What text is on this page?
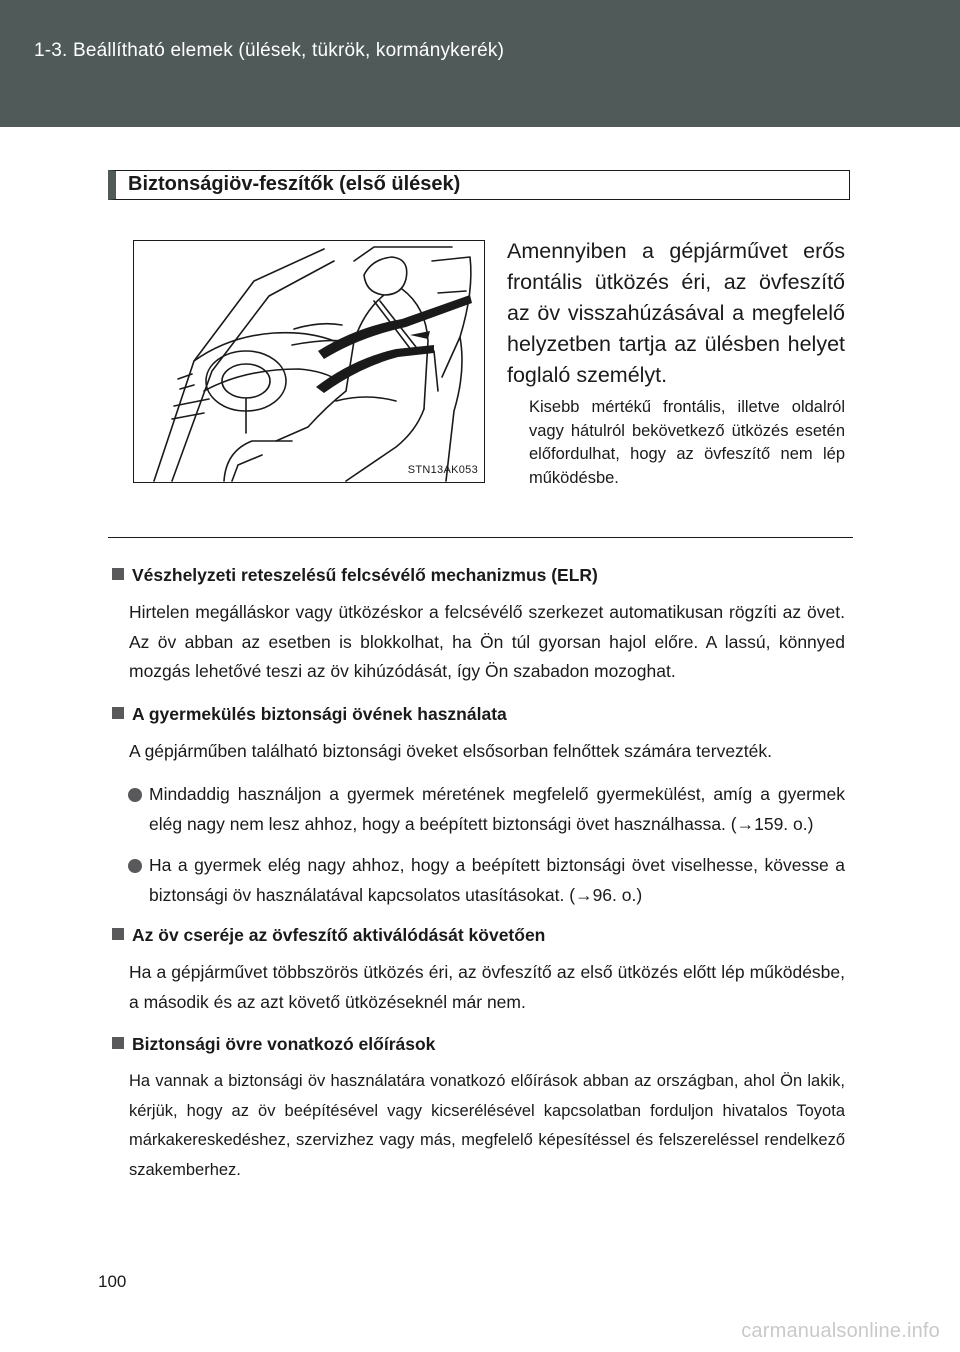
1-3. Beállítható elemek (ülések, tükrök, kormánykerék)
Biztonságiöv-feszítők (első ülések)
STN13AK053
Amennyiben a gépjárművet erős frontális ütközés éri, az övfeszítő az öv visszahúzásával a megfelelő helyzetben tartja az ülésben helyet foglaló személyt.
Kisebb mértékű frontális, illetve oldalról vagy hátulról bekövetkező ütközés esetén előfordulhat, hogy az övfeszítő nem lép működésbe.
Vészhelyzeti reteszelésű felcsévélő mechanizmus (ELR)
Hirtelen megálláskor vagy ütközéskor a felcsévélő szerkezet automatikusan rögzíti az övet. Az öv abban az esetben is blokkolhat, ha Ön túl gyorsan hajol előre. A lassú, könnyed mozgás lehetővé teszi az öv kihúzódását, így Ön szabadon mozoghat.
A gyermekülés biztonsági övének használata
A gépjárműben található biztonsági öveket elsősorban felnőttek számára tervezték.
Mindaddig használjon a gyermek méretének megfelelő gyermekülést, amíg a gyermek elég nagy nem lesz ahhoz, hogy a beépített biztonsági övet használhassa. (→159. o.)
Ha a gyermek elég nagy ahhoz, hogy a beépített biztonsági övet viselhesse, kövesse a biztonsági öv használatával kapcsolatos utasításokat. (→96. o.)
Az öv cseréje az övfeszítő aktiválódását követően
Ha a gépjárművet többszörös ütközés éri, az övfeszítő az első ütközés előtt lép működésbe, a második és az azt követő ütközéseknél már nem.
Biztonsági övre vonatkozó előírások
Ha vannak a biztonsági öv használatára vonatkozó előírások abban az országban, ahol Ön lakik, kérjük, hogy az öv beépítésével vagy kicserélésével kapcsolatban forduljon hivatalos Toyota márkakereskedéshez, szervizhez vagy más, megfelelő képesítéssel és felszereléssel rendelkező szakemberhez.
100
carmanualsonline.info
